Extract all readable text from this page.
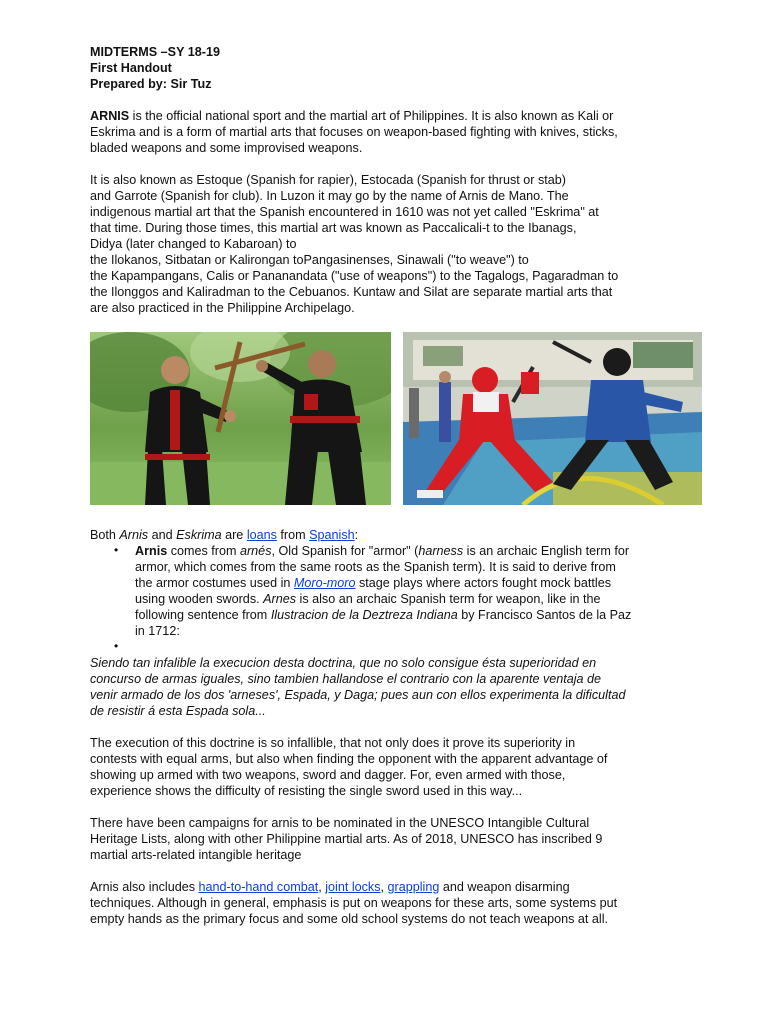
MIDTERMS –SY 18-19

First Handout

Prepared by: Sir Tuz

ARNIS is the official national sport and the martial art of Philippines. It is also known as Kali or

Eskrima and is a form of martial arts that focuses on weapon-based fighting with knives, sticks,

bladed weapons and some improvised weapons.

It is also known as Estoque (Spanish for rapier), Estocada (Spanish for thrust or stab)

and Garrote (Spanish for club). In Luzon it may go by the name of Arnis de Mano. The

indigenous martial art that the Spanish encountered in 1610 was not yet called "Eskrima" at

that time. During those times, this martial art was known as Paccalicali-t to the Ibanags,

Didya (later changed to Kabaroan) to

the Ilokanos, Sitbatan or Kalirongan toPangasinenses, Sinawali ("to weave") to

the Kapampangans, Calis or Pananandata ("use of weapons") to the Tagalogs, Pagaradman to

the Ilonggos and Kaliradman to the Cebuanos. Kuntaw and Silat are separate martial arts that

are also practiced in the Philippine Archipelago.

Both Arnis and Eskrima are loans from Spanish:

• Arnis comes from arnés, Old Spanish for "armor" (harness is an archaic English term for

armor, which comes from the same roots as the Spanish term). It is said to derive from

the armor costumes used in Moro-moro stage plays where actors fought mock battles

using wooden swords. Arnes is also an archaic Spanish term for weapon, like in the

following sentence from Ilustracion de la Deztreza Indiana by Francisco Santos de la Paz

in 1712:

•

Siendo tan infalible la execucion desta doctrina, que no solo consigue ésta superioridad en

concurso de armas iguales, sino tambien hallandose el contrario con la aparente ventaja de

venir armado de los dos 'arneses', Espada, y Daga; pues aun con ellos experimenta la dificultad

de resistir á esta Espada sola...

The execution of this doctrine is so infallible, that not only does it prove its superiority in

contests with equal arms, but also when finding the opponent with the apparent advantage of

showing up armed with two weapons, sword and dagger. For, even armed with those,

experience shows the difficulty of resisting the single sword used in this way...

There have been campaigns for arnis to be nominated in the UNESCO Intangible Cultural

Heritage Lists, along with other Philippine martial arts. As of 2018, UNESCO has inscribed 9

martial arts-related intangible heritage

Arnis also includes hand-to-hand combat, joint locks, grappling and weapon disarming

techniques. Although in general, emphasis is put on weapons for these arts, some systems put

empty hands as the primary focus and some old school systems do not teach weapons at all.
